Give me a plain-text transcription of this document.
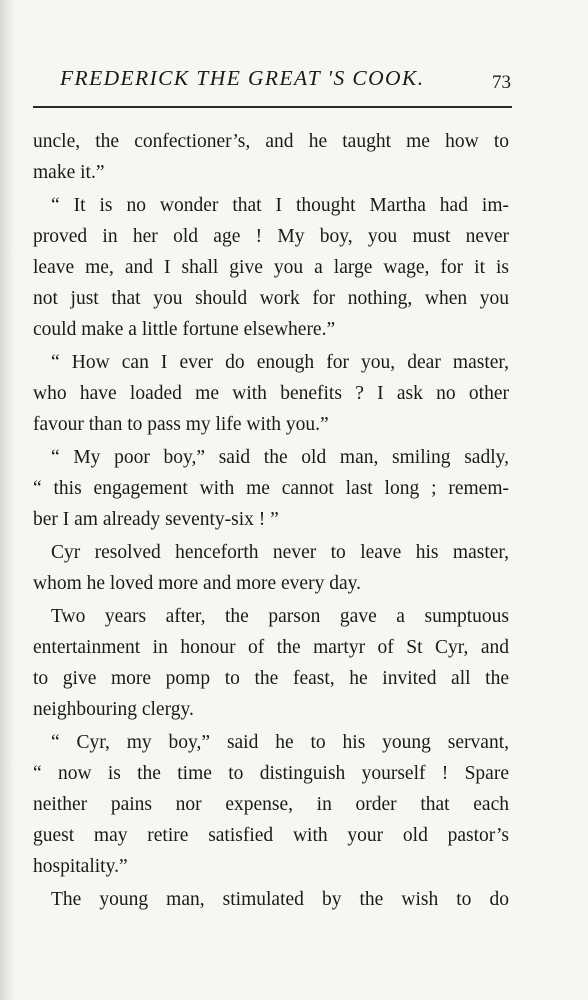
FREDERICK THE GREAT 'S COOK.	73
uncle, the confectioner’s, and he taught me how to
make it.”
“ It is no wonder that I thought Martha had im-
proved in her old age ! My boy, you must never
leave me, and I shall give you a large wage, for it is
not just that you should work for nothing, when you
could make a little fortune elsewhere.”
“ How can I ever do enough for you, dear master,
who have loaded me with benefits ? I ask no other
favour than to pass my life with you.”
“ My poor boy,” said the old man, smiling sadly,
“ this engagement with me cannot last long ; remem-
ber I am already seventy-six ! ”
Cyr resolved henceforth never to leave his master,
whom he loved more and more every day.
Two years after, the parson gave a sumptuous
entertainment in honour of the martyr of St Cyr, and
to give more pomp to the feast, he invited all the
neighbouring clergy.
“ Cyr, my boy,” said he to his young servant,
“ now is the time to distinguish yourself ! Spare
neither pains nor expense, in order that each
guest may retire satisfied with your old pastor’s
hospitality.”
The young man, stimulated by the wish to do
